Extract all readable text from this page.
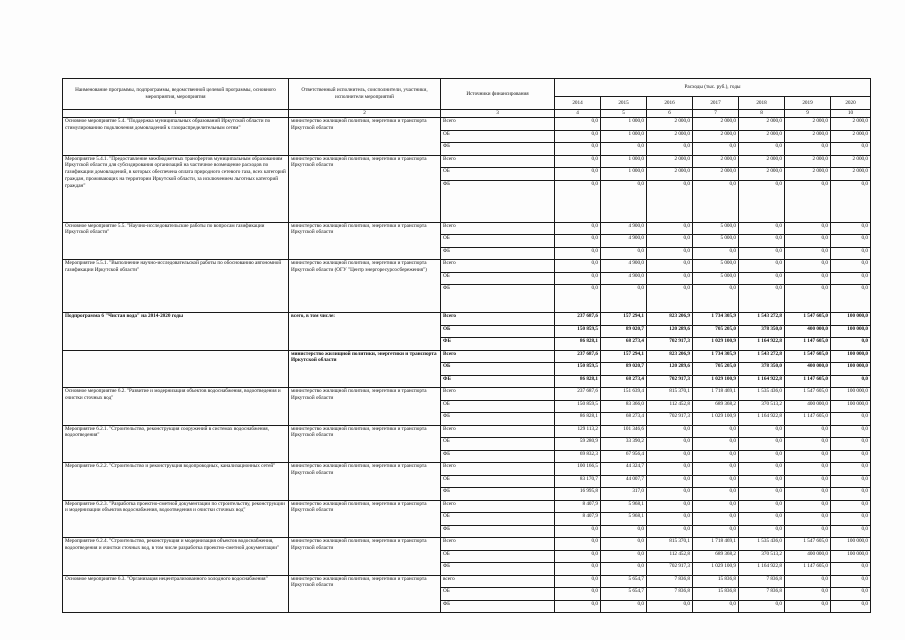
Наименование программы, подпрограммы, ведомственной целевой программы, основного мероприятия, мероприятия	Ответственный исполнитель, соисполнители, участники, исполнители мероприятий	Источники финансирования	Расходы (тыс. руб.), годы						
			2014	2015	2016	2017	2018	2019	2020
1	2	3	4	5	6	7	8	9	10
Основное мероприятие 5.4. "Поддержка муниципальных образований Иркутской области по стимулированию подключения домовладений к газораспределительным сетям"	министерство жилищной политики, энергетики и транспорта Иркутской области	Всего	0,0	1 000,0	2 000,0	2 000,0	2 000,0	2 000,0	2 000,0
		ОБ	0,0	1 000,0	2 000,0	2 000,0	2 000,0	2 000,0	2 000,0
		ФБ	0,0	0,0	0,0	0,0	0,0	0,0	0,0
Мероприятие 5.4.1. "Предоставление межбюджетных трансфертов муниципальным образованиям Иркутской области для субсидирования организаций на частичное возмещение расходов по газификации домовладений, в которых обеспечена оплата природного сетевого газа, всех категорий граждан, проживающих на территории Иркутской области, за исключением льготных категорий граждан"	министерство жилищной политики, энергетики и транспорта Иркутской области	Всего	0,0	1 000,0	2 000,0	2 000,0	2 000,0	2 000,0	2 000,0
		ОБ	0,0	1 000,0	2 000,0	2 000,0	2 000,0	2 000,0	2 000,0
		ФБ	0,0	0,0	0,0	0,0	0,0	0,0	0,0
Основное мероприятие 5.5. "Научно-исследовательские работы по вопросам газификации Иркутской области"	министерство жилищной политики, энергетики и транспорта Иркутской области	Всего	0,0	4 900,0	0,0	5 000,0	0,0	0,0	0,0
		ОБ	0,0	4 900,0	0,0	5 000,0	0,0	0,0	0,0
		ФБ	0,0	0,0	0,0	0,0	0,0	0,0	0,0
Мероприятие 5.5.1. "Выполнение научно-исследовательской работы по обоснованию автономной газификации Иркутской области"	министерство жилищной политики, энергетики и транспорта Иркутской области (ОГУ "Центр энергоресурсосбережения")	Всего	0,0	4 900,0	0,0	5 000,0	0,0	0,0	0,0
		ОБ	0,0	4 900,0	0,0	5 000,0	0,0	0,0	0,0
		ФБ	0,0	0,0	0,0	0,0	0,0	0,0	0,0
Подпрограмма 6 "Чистая вода" на 2014-2020 годы	всего, в том числе:	Всего	237 687,6	157 294,1	823 206,9	1 734 305,9	1 543 272,8	1 547 605,0	100 000,0
		ОБ	150 859,5	89 020,7	120 289,6	705 205,0	378 350,0	400 000,0	100 000,0
		ФБ	86 828,1	68 273,4	702 917,3	1 029 100,9	1 164 922,8	1 147 605,0	0,0
	министерство жилищной политики, энергетики и транспорта Иркутской области	Всего	237 687,6	157 294,1	823 206,9	1 734 305,9	1 543 272,8	1 547 605,0	100 000,0
		ОБ	150 859,5	89 020,7	120 289,6	705 205,0	378 350,0	400 000,0	100 000,0
		ФБ	86 828,1	68 273,4	702 917,3	1 029 100,9	1 164 922,8	1 147 605,0	0,0
Основное мероприятие 6.2. "Развитие и модернизация объектов водоснабжения, водоотведения и очистки сточных вод"	министерство жилищной политики, энергетики и транспорта Иркутской области	Всего	237 687,6	151 639,4	815 370,1	1 718 469,1	1 535 436,0	1 547 605,0	100 000,0
		ОБ	150 859,5	83 366,0	112 452,8	689 368,2	370 513,2	400 000,0	100 000,0
		ФБ	86 828,1	68 273,4	702 917,3	1 029 100,9	1 164 922,8	1 147 605,0	0,0
Мероприятие 6.2.1. "Строительство, реконструкция сооружений в системах водоснабжения, водоотведения"	министерство жилищной политики, энергетики и транспорта Иркутской области	Всего	129 113,2	101 346,6	0,0	0,0	0,0	0,0	0,0
		ОБ	59 280,9	33 390,2	0,0	0,0	0,0	0,0	0,0
		ФБ	69 832,3	67 956,4	0,0	0,0	0,0	0,0	0,0
Мероприятие 6.2.2. "Строительство и реконструкция водопроводных, канализационных сетей"	министерство жилищной политики, энергетики и транспорта Иркутской области	Всего	100 166,5	44 324,7	0,0	0,0	0,0	0,0	0,0
		ОБ	83 170,7	44 007,7	0,0	0,0	0,0	0,0	0,0
		ФБ	16 995,8	317,0	0,0	0,0	0,0	0,0	0,0
Мероприятие 6.2.3. "Разработка проектно-сметной документации по строительству, реконструкции и модернизации объектов водоснабжения, водоотведения и очистки сточных вод"	министерство жилищной политики, энергетики и транспорта Иркутской области	Всего	8 407,9	5 968,1	0,0	0,0	0,0	0,0	0,0
		ОБ	8 407,9	5 968,1	0,0	0,0	0,0	0,0	0,0
		ФБ	0,0	0,0	0,0	0,0	0,0	0,0	0,0
Мероприятие 6.2.4. "Строительство, реконструкция и модернизация объектов водоснабжения, водоотведения и очистки сточных вод, в том числе разработка проектно-сметной документации"	министерство жилищной политики, энергетики и транспорта Иркутской области	Всего	0,0	0,0	815 370,1	1 718 469,1	1 535 436,0	1 547 605,0	100 000,0
		ОБ	0,0	0,0	112 452,8	689 368,2	370 513,2	400 000,0	100 000,0
		ФБ	0,0	0,0	702 917,3	1 029 100,9	1 164 922,8	1 147 605,0	0,0
Основное мероприятие 6.3. "Организация нецентрализованного холодного водоснабжения"	министерство жилищной политики, энергетики и транспорта Иркутской области	всего	0,0	5 654,7	7 836,8	15 836,8	7 836,8	0,0	0,0
		ОБ	0,0	5 654,7	7 836,8	15 836,8	7 836,8	0,0	0,0
		ФБ	0,0	0,0	0,0	0,0	0,0	0,0	0,0
